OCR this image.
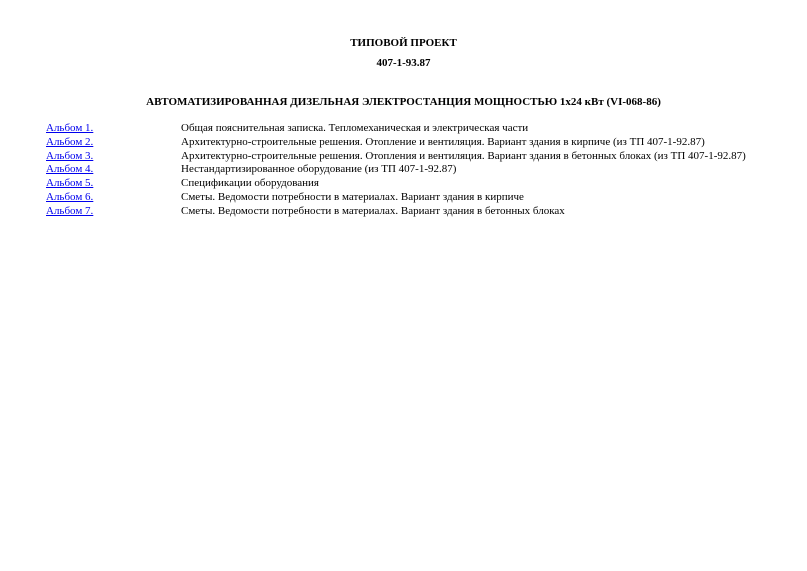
ТИПОВОЙ ПРОЕКТ
407-1-93.87
АВТОМАТИЗИРОВАННАЯ ДИЗЕЛЬНАЯ ЭЛЕКТРОСТАНЦИЯ МОЩНОСТЬЮ 1х24 кВт (VI-068-86)
Альбом 1.	Общая пояснительная записка. Тепломеханическая и электрическая части
Альбом 2.	Архитектурно-строительные решения. Отопление и вентиляция. Вариант здания в кирпиче (из ТП 407-1-92.87)
Альбом 3.	Архитектурно-строительные решения. Отопления и вентиляция. Вариант здания в бетонных блоках (из ТП 407-1-92.87)
Альбом 4.	Нестандартизированное оборудование (из ТП 407-1-92.87)
Альбом 5.	Спецификации оборудования
Альбом 6.	Сметы. Ведомости потребности в материалах. Вариант здания в кирпиче
Альбом 7.	Сметы. Ведомости потребности в материалах. Вариант здания в бетонных блоках
